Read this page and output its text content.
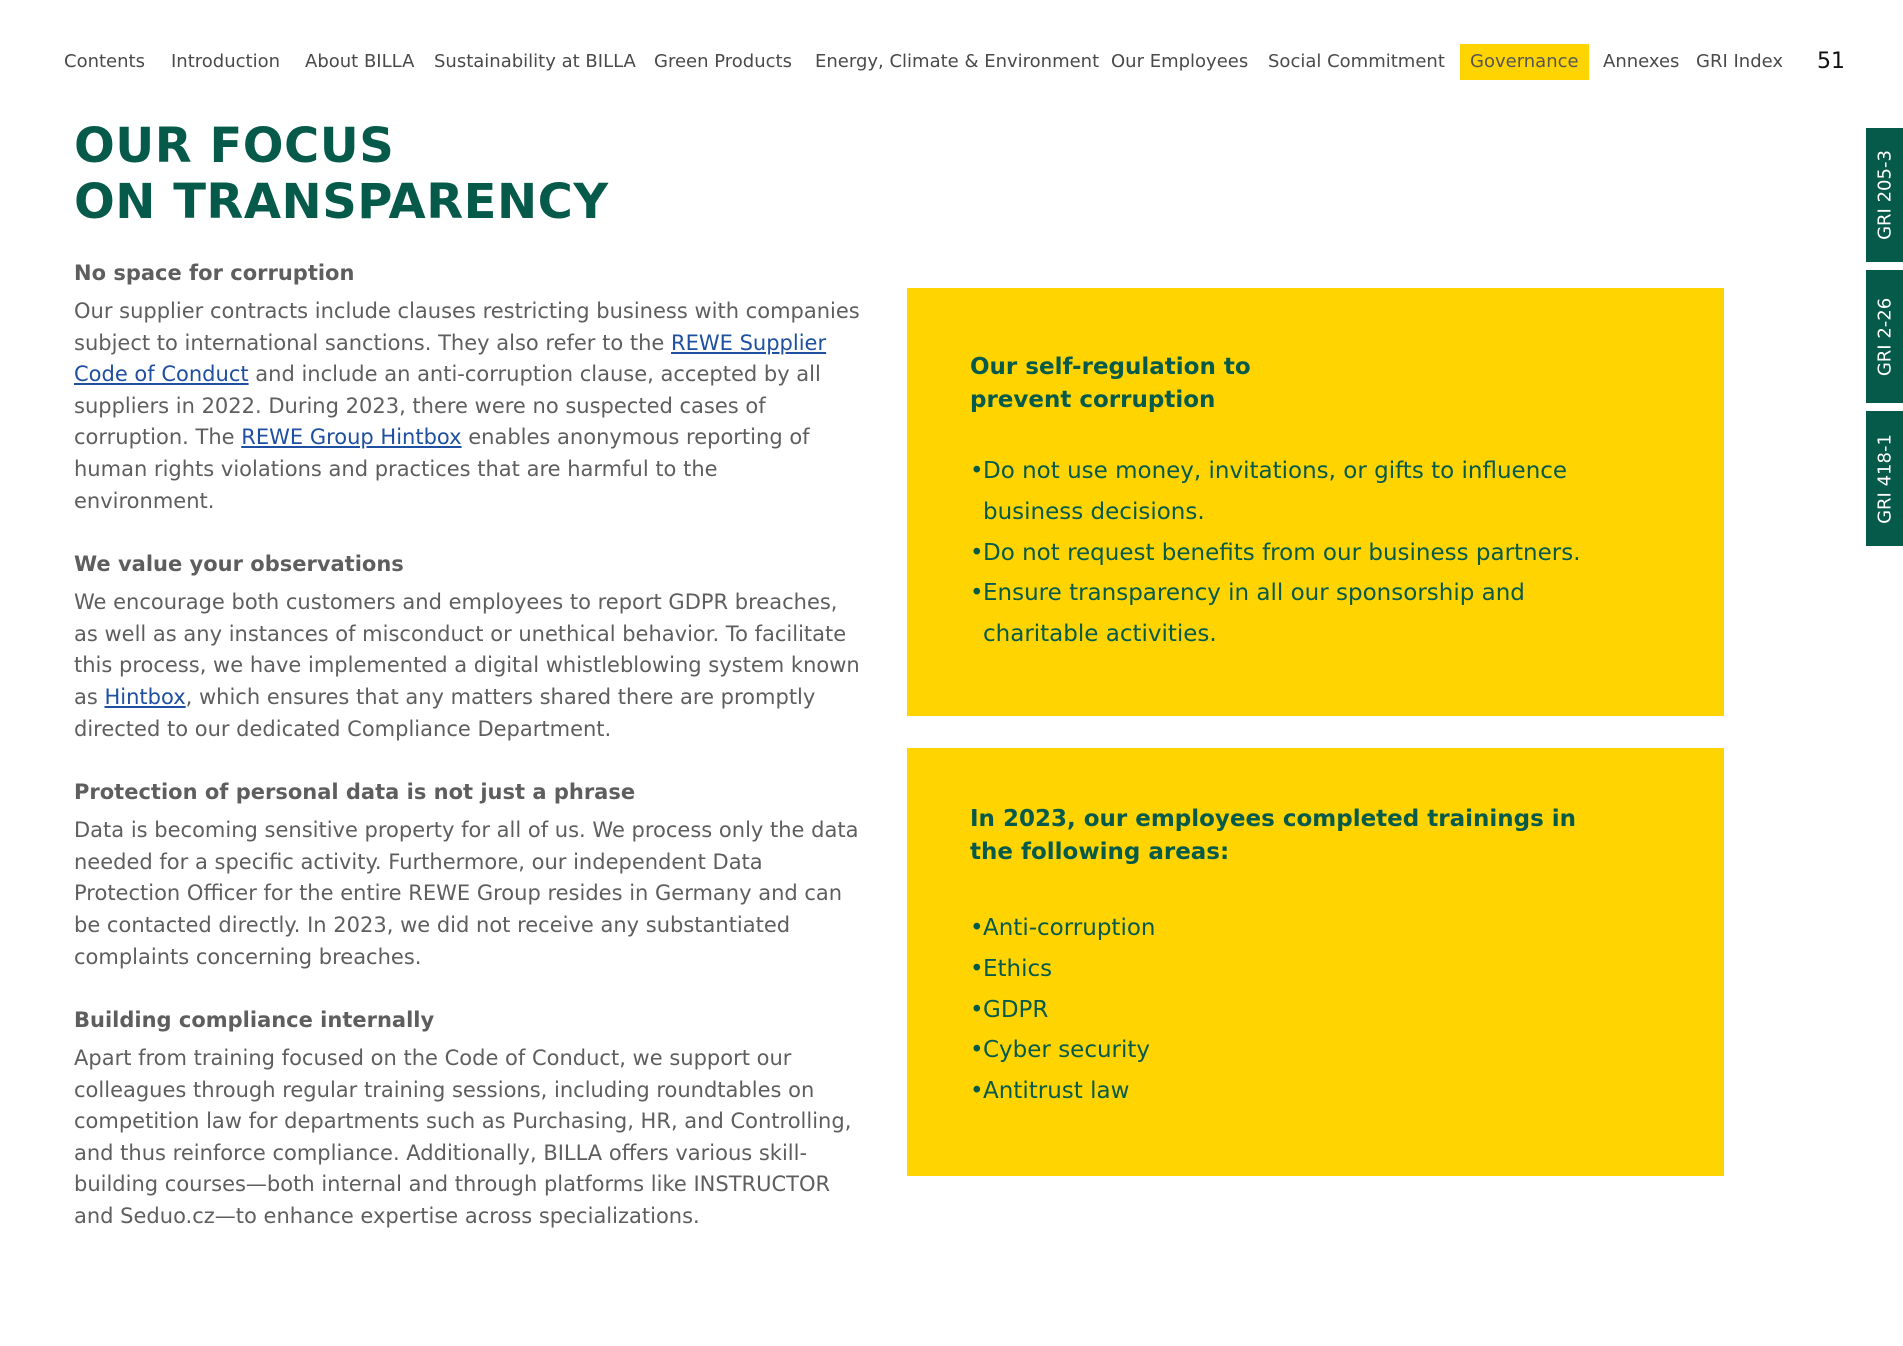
Contents Introduction About BILLA Sustainability at BILLA Green Products Energy, Climate & Environment Our Employees Social Commitment	Governance	Annexes GRI Index 51
GRI 205-3
GRI 2-26
GRI 418-1
OUR FOCUS
ON TRANSPARENCY
No space for corruption

Our supplier contracts include clauses restricting business with companies subject to international sanctions. They also refer to the REWE Supplier Code of Conduct and include an anti-corruption clause, accepted by all suppliers in 2022. During 2023, there were no suspected cases of corruption. The REWE Group Hintbox enables anonymous reporting of human rights violations and practices that are harmful to the environment.

We value your observations

We encourage both customers and employees to report GDPR breaches, as well as any instances of misconduct or unethical behavior. To facilitate this process, we have implemented a digital whistleblowing system known as Hintbox, which ensures that any matters shared there are promptly directed to our dedicated Compliance Department.

Protection of personal data is not just a phrase

Data is becoming sensitive property for all of us. We process only the data needed for a specific activity. Furthermore, our independent Data Protection Officer for the entire REWE Group resides in Germany and can be contacted directly. In 2023, we did not receive any substantiated complaints concerning breaches.

Building compliance internally

Apart from training focused on the Code of Conduct, we support our colleagues through regular training sessions, including roundtables on competition law for departments such as Purchasing, HR, and Controlling, and thus reinforce compliance. Additionally, BILLA offers various skill-building courses—both internal and through platforms like INSTRUCTOR and Seduo.cz—to enhance expertise across specializations.

Our self-regulation to
prevent corruption
• Do not use money, invitations, or gifts to influence business decisions.
• Do not request benefits from our business partners.
• Ensure transparency in all our sponsorship and charitable activities.
In 2023, our employees completed trainings in
the following areas:
• Anti-corruption
• Ethics
• GDPR
• Cyber security
• Antitrust law
